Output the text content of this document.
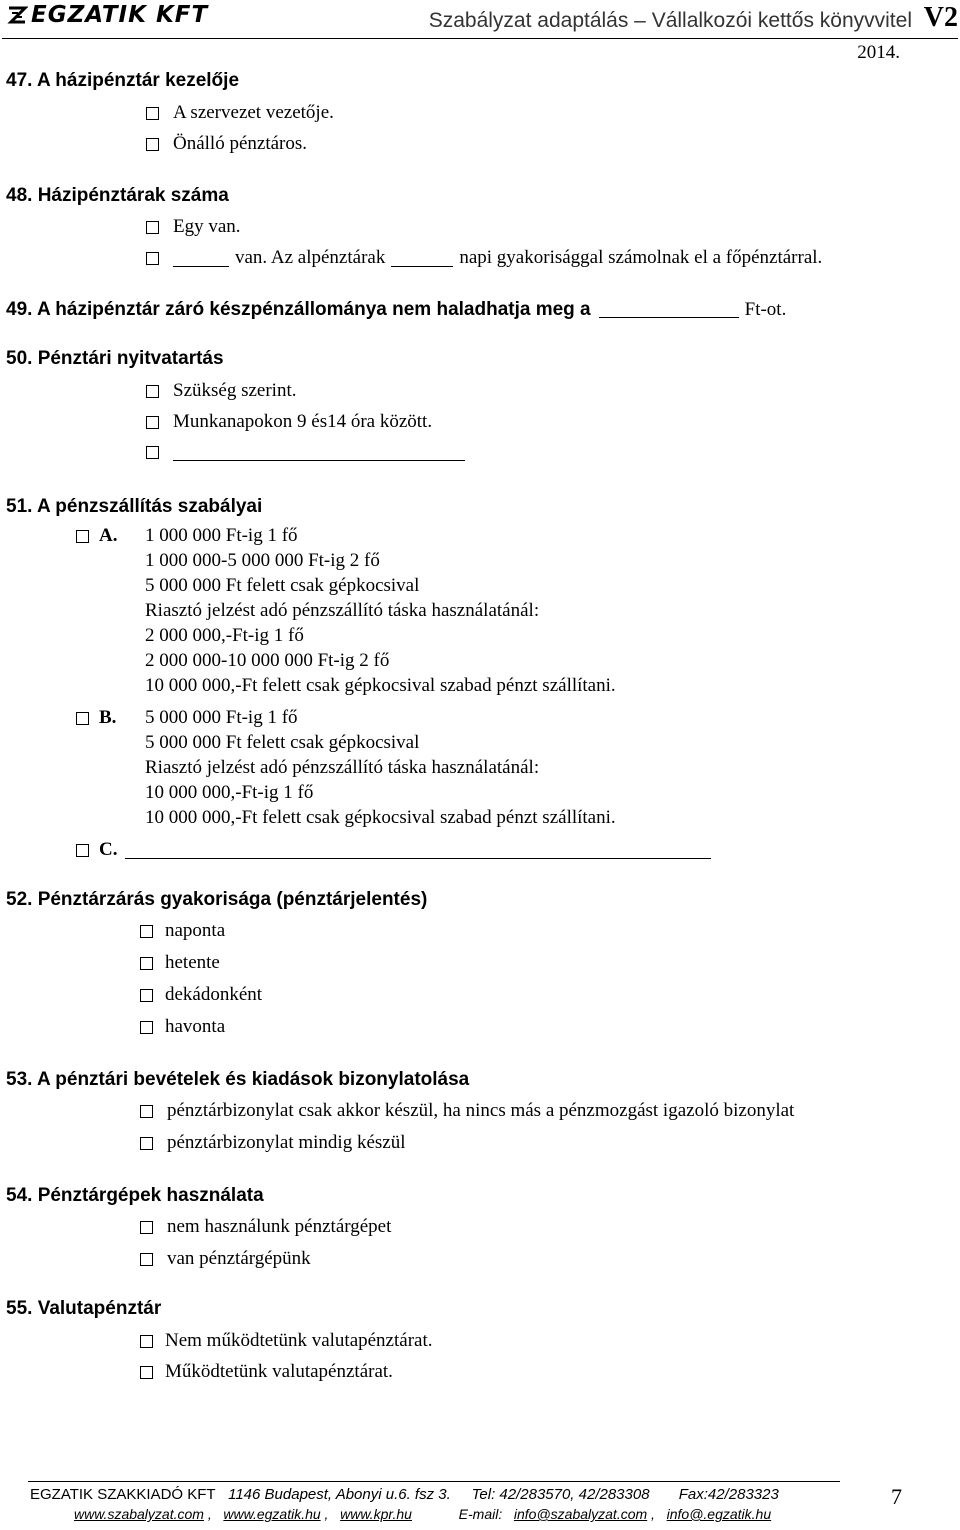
EGZATIK KFT	Szabályzat adaptálás – Vállalkozói kettős könyvvitel V2
2014.
47. A házipénztár kezelője
A szervezet vezetője.
Önálló pénztáros.
48. Házipénztárak száma
Egy van.
van. Az alpénztárak	napi gyakorisággal számolnak el a főpénztárral.
49. A házipénztár záró készpénzállománya nem haladhatja meg a	Ft-ot.
50. Pénztári nyitvatartás
Szükség szerint.
Munkanapokon 9 és14 óra között.
51. A pénzszállítás szabályai
A. 1 000 000 Ft-ig 1 fő
1 000 000-5 000 000 Ft-ig 2 fő
5 000 000 Ft felett csak gépkocsival
Riasztó jelzést adó pénzszállító táska használatánál:
2 000 000,-Ft-ig 1 fő
2 000 000-10 000 000 Ft-ig 2 fő
10 000 000,-Ft felett csak gépkocsival szabad pénzt szállítani.
B. 5 000 000 Ft-ig 1 fő
5 000 000 Ft felett csak gépkocsival
Riasztó jelzést adó pénzszállító táska használatánál:
10 000 000,-Ft-ig 1 fő
10 000 000,-Ft felett csak gépkocsival szabad pénzt szállítani.
C.
52. Pénztárzárás gyakorisága (pénztárjelentés)
naponta
hetente
dekádonként
havonta
53. A pénztári bevételek és kiadások bizonylatolása
pénztárbizonylat csak akkor készül, ha nincs más a pénzmozgást igazoló bizonylat
pénztárbizonylat mindig készül
54. Pénztárgépek használata
nem használunk pénztárgépet
van pénztárgépünk
55. Valutapénztár
Nem működtetünk valutapénztárat.
Működtetünk valutapénztárat.
EGZATIK SZAKKIADÓ KFT 1146 Budapest, Abonyi u.6. fsz 3. Tel: 42/283570, 42/283308 Fax:42/283323	7
www.szabalyzat.com ,   www.egzatik.hu ,   www.kpr.hu	E-mail: info@szabalyzat.com ,   info@.egzatik.hu
